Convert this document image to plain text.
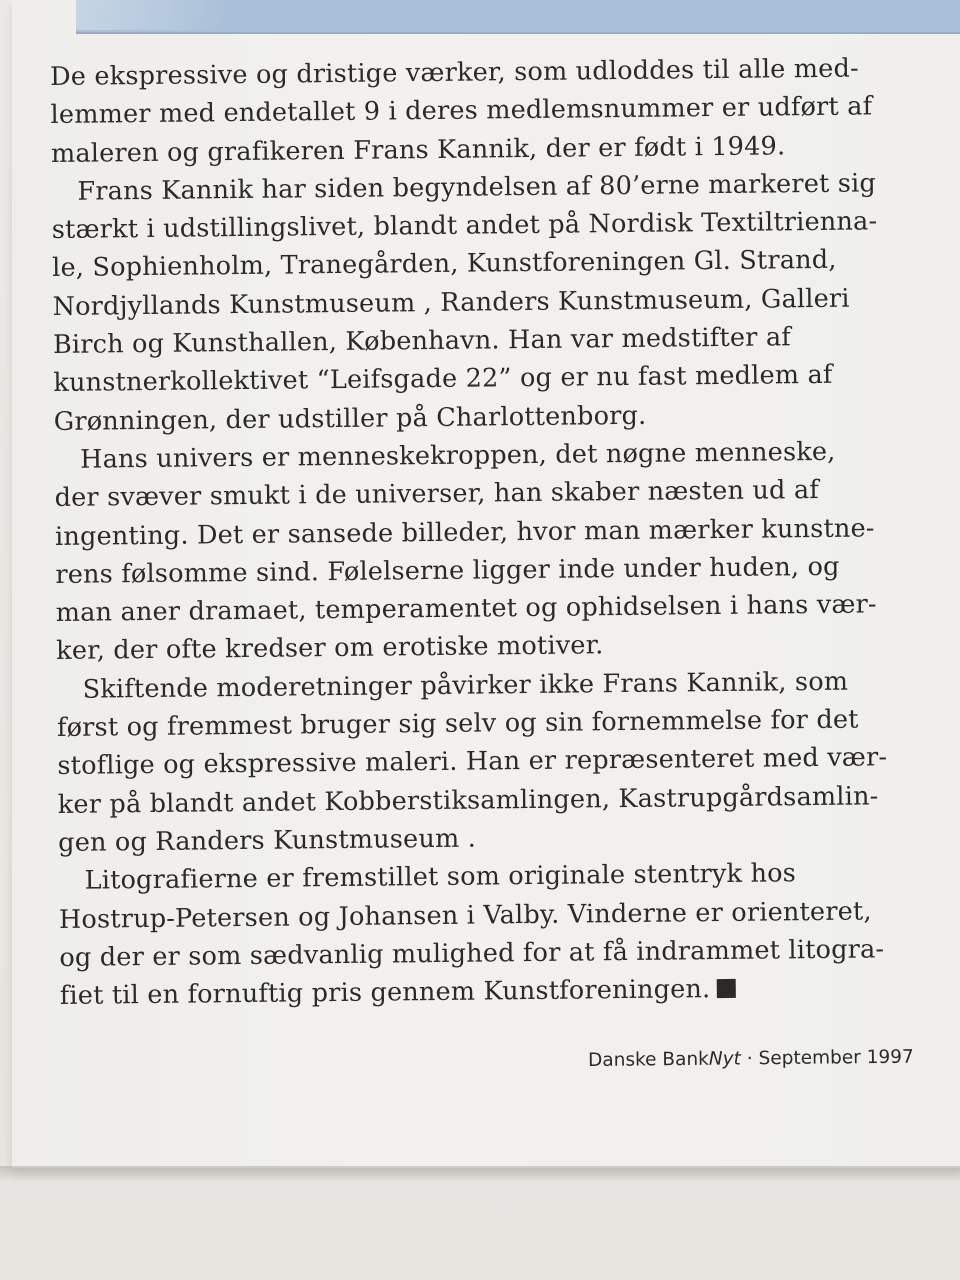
De ekspressive og dristige værker, som udloddes til alle med-
lemmer med endetallet 9 i deres medlemsnummer er udført af
maleren og grafikeren Frans Kannik, der er født i 1949.
Frans Kannik har siden begyndelsen af 80’erne markeret sig
stærkt i udstillingslivet, blandt andet på Nordisk Textiltrienna-
le, Sophienholm, Tranegården, Kunstforeningen Gl. Strand,
Nordjyllands Kunstmuseum , Randers Kunstmuseum, Galleri
Birch og Kunsthallen, København. Han var medstifter af
kunstnerkollektivet “Leifsgade 22” og er nu fast medlem af
Grønningen, der udstiller på Charlottenborg.
Hans univers er menneskekroppen, det nøgne menneske,
der svæver smukt i de universer, han skaber næsten ud af
ingenting. Det er sansede billeder, hvor man mærker kunstne-
rens følsomme sind. Følelserne ligger inde under huden, og
man aner dramaet, temperamentet og ophidselsen i hans vær-
ker, der ofte kredser om erotiske motiver.
Skiftende moderetninger påvirker ikke Frans Kannik, som
først og fremmest bruger sig selv og sin fornemmelse for det
stoflige og ekspressive maleri. Han er repræsenteret med vær-
ker på blandt andet Kobberstiksamlingen, Kastrupgårdsamlin-
gen og Randers Kunstmuseum .
Litografierne er fremstillet som originale stentryk hos
Hostrup-Petersen og Johansen i Valby. Vinderne er orienteret,
og der er som sædvanlig mulighed for at få indrammet litogra-
fiet til en fornuftig pris gennem Kunstforeningen.
Danske BankNyt · September 1997
